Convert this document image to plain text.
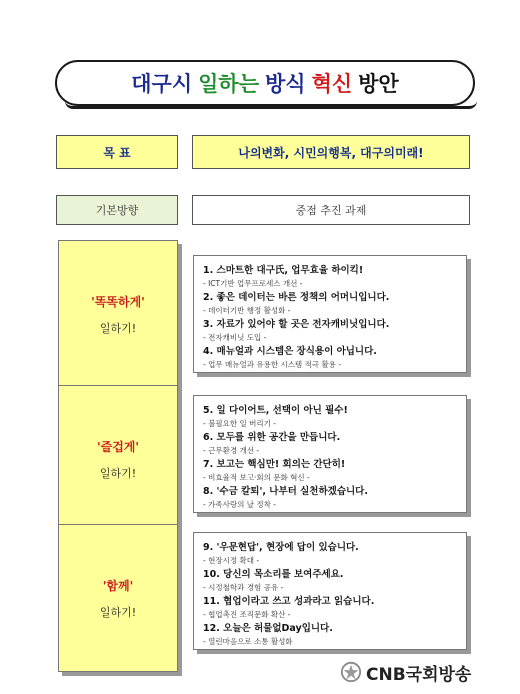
대구시 일하는 방식 혁신 방안
목 표	나의변화, 시민의행복, 대구의미래!
기본방향	중점 추진 과제
'똑똑하게'
일하기!
1. 스마트한 대구氏, 업무효율 하이킥!
- ICT기반 업무프로세스 개선 -
2. 좋은 데이터는 바른 정책의 어머니입니다.
- 데이터기반 행정 활성화 -
3. 자료가 있어야 할 곳은 전자캐비닛입니다.
- 전자캐비닛 도입 -
4. 매뉴얼과 시스템은 장식용이 아닙니다.
- 업무 매뉴얼과 유용한 시스템 적극 활용 -
'즐겁게'
일하기!
5. 일 다이어트, 선택이 아닌 필수!
- 불필요한 일 버리기 -
6. 모두를 위한 공간을 만듭니다.
- 근무환경 개선 -
7. 보고는 핵심만! 회의는 간단히!
- 비효율적 보고·회의 문화 혁신 -
8. '수금 칼퇴', 나부터 실천하겠습니다.
- 가족사랑의 날 정착 -
'함께'
일하기!
9. '우문현답', 현장에 답이 있습니다.
- 현장시정 확대 -
10. 당신의 목소리를 보여주세요.
- 시정철학과 경험 공유 -
11. 협업이라고 쓰고 성과라고 읽습니다.
- 협업촉진 조직문화 확산 -
12. 오늘은 허물없Day입니다.
- 열린마음으로 소통 활성화
CNB국회방송
